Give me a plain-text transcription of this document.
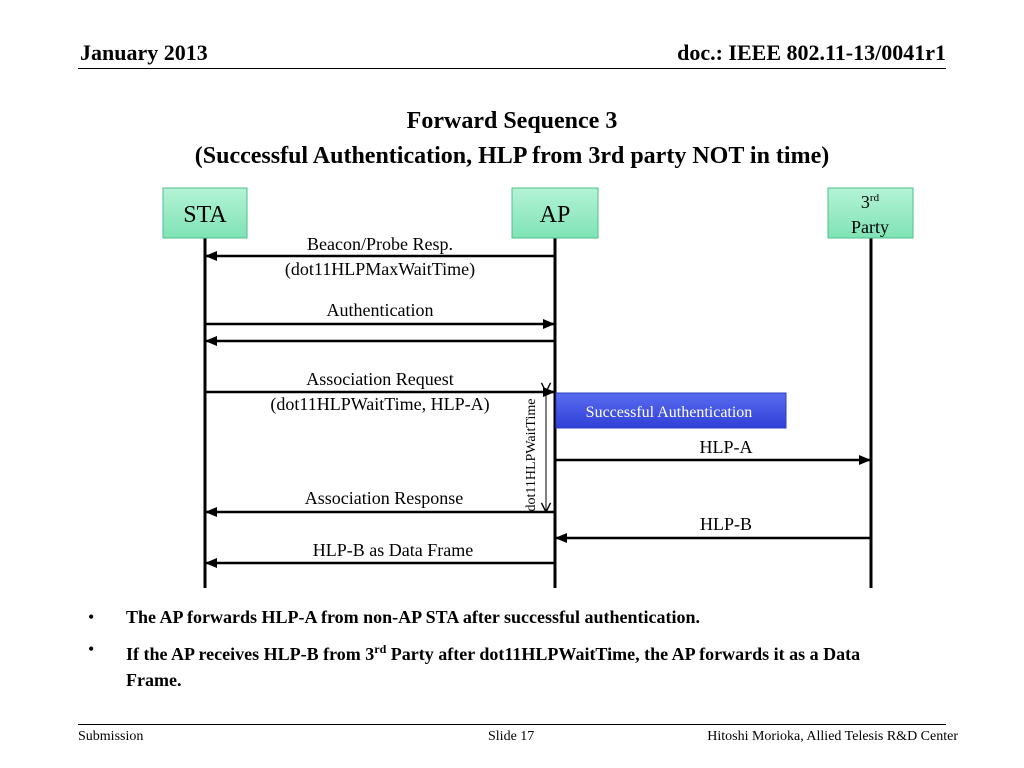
January 2013	doc.: IEEE 802.11-13/0041r1
Forward Sequence 3
(Successful Authentication, HLP from 3rd party NOT in time)
STA	AP	3rd
Party
Beacon/Probe Resp.
(dot11HLPMaxWaitTime)
Authentication
Association Request
(dot11HLPWaitTime, HLP-A) dot11HLPWaitTime	Successful Authentication
HLP-A
Association Response
HLP-B
HLP-B as Data Frame
• The AP forwards HLP-A from non-AP STA after successful authentication.
• If the AP receives HLP-B from 3rd Party after dot11HLPWaitTime, the AP forwards it as a Data Frame.
Submission	Slide 17	Hitoshi Morioka, Allied Telesis R&D Center
